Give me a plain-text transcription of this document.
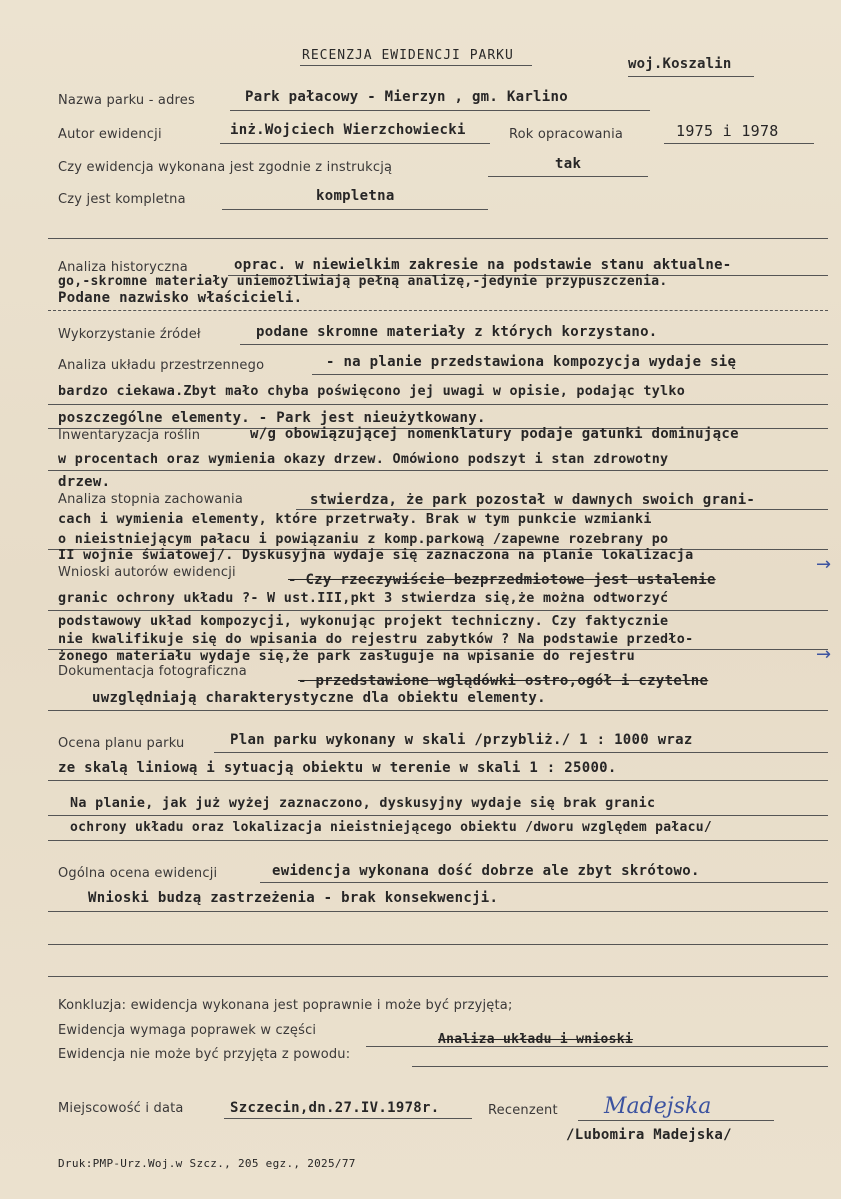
RECENZJA EWIDENCJI PARKU
woj.Koszalin
Nazwa parku - adres	Park pałacowy - Mierzyn , gm. Karlino
Autor ewidencji	inż.Wojciech Wierzchowiecki	Rok opracowania	1975 i 1978
Czy ewidencja wykonana jest zgodnie z instrukcją	tak
Czy jest kompletna	kompletna
Analiza historyczna	oprac. w niewielkim zakresie na podstawie stanu aktualne-
go,-skromne materiały uniemożliwiają pełną analizę,-jedynie przypuszczenia.
Podane nazwisko właścicieli.
Wykorzystanie źródeł	podane skromne materiały z których korzystano.
Analiza układu przestrzennego	- na planie przedstawiona kompozycja wydaje się
bardzo ciekawa.Zbyt mało chyba poświęcono jej uwagi w opisie, podając tylko
poszczególne elementy. - Park jest nieużytkowany.
Inwentaryzacja roślin	w/g obowiązującej nomenklatury podaje gatunki dominujące
w procentach oraz wymienia okazy drzew. Omówiono podszyt i stan zdrowotny
drzew.
Analiza stopnia zachowania	stwierdza, że park pozostał w dawnych swoich grani-
cach i wymienia elementy, które przetrwały. Brak w tym punkcie wzmianki
o nieistniejącym pałacu i powiązaniu z komp.parkową /zapewne rozebrany po
II wojnie światowej/. Dyskusyjna wydaje się zaznaczona na planie lokalizacja	→
Wnioski autorów ewidencji	- Czy rzeczywiście bezprzedmiotowe jest ustalenie
granic ochrony układu ?- W ust.III,pkt 3 stwierdza się,że można odtworzyć
podstawowy układ kompozycji, wykonując projekt techniczny. Czy faktycznie
nie kwalifikuje się do wpisania do rejestru zabytków ? Na podstawie przedło-
żonego materiału wydaje się,że park zasługuje na wpisanie do rejestru	→
Dokumentacja fotograficzna
- przedstawione wglądówki ostro,ogół i czytelne
uwzględniają charakterystyczne dla obiektu elementy.
Ocena planu parku	Plan parku wykonany w skali /przybliż./ 1 : 1000 wraz
ze skalą liniową i sytuacją obiektu w terenie w skali 1 : 25000.
Na planie, jak już wyżej zaznaczono, dyskusyjny wydaje się brak granic
ochrony układu oraz lokalizacja nieistniejącego obiektu /dworu względem pałacu/
Ogólna ocena ewidencji	ewidencja wykonana dość dobrze ale zbyt skrótowo.
Wnioski budzą zastrzeżenia - brak konsekwencji.
Konkluzja: ewidencja wykonana jest poprawnie i może być przyjęta;
Ewidencja wymaga poprawek w części
Analiza układu i wnioski
Ewidencja nie może być przyjęta z powodu:
Miejscowość i data	Szczecin,dn.27.IV.1978r.	Recenzent Madejska
/Lubomira Madejska/
Druk:PMP-Urz.Woj.w Szcz., 205 egz., 2025/77
